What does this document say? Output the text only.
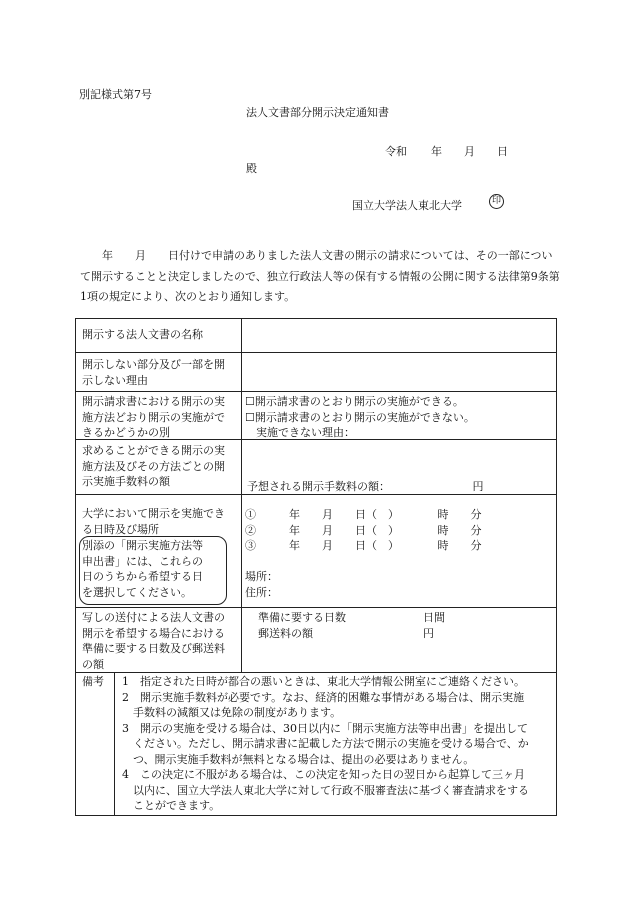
別記様式第7号
法人文書部分開示決定通知書
令和 年 月 日
殿
国立大学法人東北大学	印
　　年　　月　　日付けで申請のありました法人文書の開示の請求については、その一部について開示することと決定しましたので、独立行政法人等の保有する情報の公開に関する法律第9条第1項の規定により、次のとおり通知します。
開示する法人文書の名称
開示しない部分及び一部を開
示しない理由
開示請求書における開示の実
施方法どおり開示の実施がで
きるかどうかの別
☐開示請求書のとおり開示の実施ができる。
☐開示請求書のとおり開示の実施ができない。
　実施できない理由：
求めることができる開示の実
施方法及びその方法ごとの開
示実施手数料の額	予想される開示手数料の額：　　　　　　　　円
大学において開示を実施でき
る日時及び場所
別添の「開示実施方法等
申出書」には、これらの
日のうちから希望する日
を選択してください。
①　　　年　　月　　日（　）　　　　時　　分
②　　　年　　月　　日（　）　　　　時　　分
③　　　年　　月　　日（　）　　　　時　　分
場所：
住所：
写しの送付による法人文書の
開示を希望する場合における
準備に要する日数及び郵送料
の額
準備に要する日数　　　　　　　日間
郵送料の額　　　　　　　　　　円
備考 1　指定された日時が都合の悪いときは、東北大学情報公開室にご連絡ください。
2　開示実施手数料が必要です。なお、経済的困難な事情がある場合は、開示実施
　手数料の減額又は免除の制度があります。
3　開示の実施を受ける場合は、30日以内に「開示実施方法等申出書」を提出して
　ください。ただし、開示請求書に記載した方法で開示の実施を受ける場合で、か
　つ、開示実施手数料が無料となる場合は、提出の必要はありません。
4　この決定に不服がある場合は、この決定を知った日の翌日から起算して三ヶ月
　以内に、国立大学法人東北大学に対して行政不服審査法に基づく審査請求をする
　ことができます。
